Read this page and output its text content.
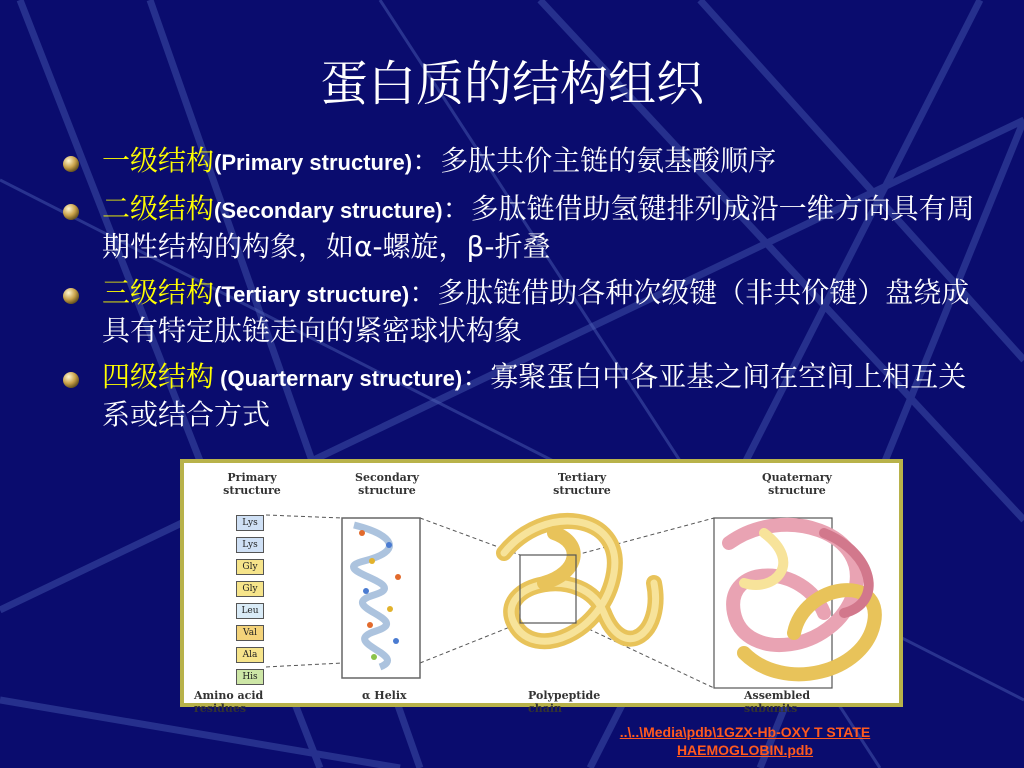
蛋白质的结构组织
一级结构(Primary structure)：多肽共价主链的氨基酸顺序
二级结构(Secondary structure)：多肽链借助氢键排列成沿一维方向具有周期性结构的构象，如α-螺旋，β-折叠
三级结构(Tertiary structure)：多肽链借助各种次级键（非共价键）盘绕成具有特定肽链走向的紧密球状构象
四级结构 (Quarternary structure)：寡聚蛋白中各亚基之间在空间上相互关系或结合方式
Primary structure
Secondary structure
Tertiary structure
Quaternary structure
Lys
Lys
Gly
Gly
Leu
Val
Ala
His
Amino acid residues
α Helix	Polypeptide chain
Assembled subunits
..\..\Media\pdb\1GZX-Hb-OXY T STATE
HAEMOGLOBIN.pdb
